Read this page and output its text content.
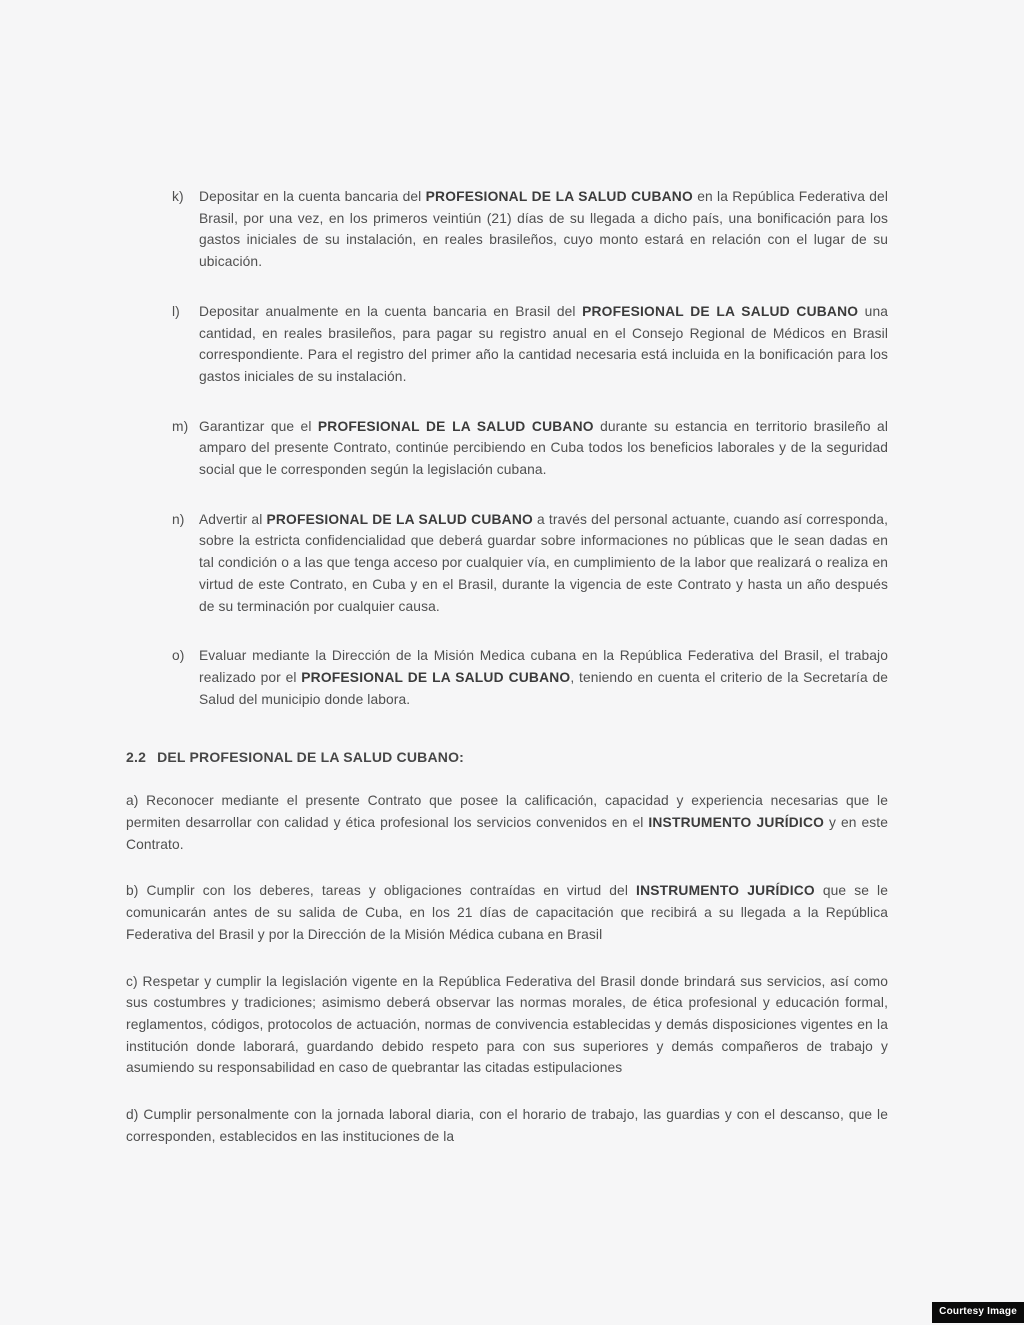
k)	Depositar en la cuenta bancaria del PROFESIONAL DE LA SALUD CUBANO en la República Federativa del Brasil, por una vez, en los primeros veintiún (21) días de su llegada a dicho país, una bonificación para los gastos iniciales de su instalación, en reales brasileños, cuyo monto estará en relación con el lugar de su ubicación.
l)	Depositar anualmente en la cuenta bancaria en Brasil del PROFESIONAL DE LA SALUD CUBANO una cantidad, en reales brasileños, para pagar su registro anual en el Consejo Regional de Médicos en Brasil correspondiente. Para el registro del primer año la cantidad necesaria está incluida en la bonificación para los gastos iniciales de su instalación.
m) Garantizar que el PROFESIONAL DE LA SALUD CUBANO durante su estancia en territorio brasileño al amparo del presente Contrato, continúe percibiendo en Cuba todos los beneficios laborales y de la seguridad social que le corresponden según la legislación cubana.
n)	Advertir al PROFESIONAL DE LA SALUD CUBANO a través del personal actuante, cuando así corresponda, sobre la estricta confidencialidad que deberá guardar sobre informaciones no públicas que le sean dadas en tal condición o a las que tenga acceso por cualquier vía, en cumplimiento de la labor que realizará o realiza en virtud de este Contrato, en Cuba y en el Brasil, durante la vigencia de este Contrato y hasta un año después de su terminación por cualquier causa.
o)	Evaluar mediante la Dirección de la Misión Medica cubana en la República Federativa del Brasil, el trabajo realizado por el PROFESIONAL DE LA SALUD CUBANO, teniendo en cuenta el criterio de la Secretaría de Salud del municipio donde labora.
2.2 DEL PROFESIONAL DE LA SALUD CUBANO:

a) Reconocer mediante el presente Contrato que posee la calificación, capacidad y experiencia necesarias que le permiten desarrollar con calidad y ética profesional los servicios convenidos en el INSTRUMENTO JURÍDICO y en este Contrato.

b) Cumplir con los deberes, tareas y obligaciones contraídas en virtud del INSTRUMENTO JURÍDICO que se le comunicarán antes de su salida de Cuba, en los 21 días de capacitación que recibirá a su llegada a la República Federativa del Brasil y por la Dirección de la Misión Médica cubana en Brasil

c) Respetar y cumplir la legislación vigente en la República Federativa del Brasil donde brindará sus servicios, así como sus costumbres y tradiciones; asimismo deberá observar las normas morales, de ética profesional y educación formal, reglamentos, códigos, protocolos de actuación, normas de convivencia establecidas y demás disposiciones vigentes en la institución donde laborará, guardando debido respeto para con sus superiores y demás compañeros de trabajo y asumiendo su responsabilidad en caso de quebrantar las citadas estipulaciones

d) Cumplir personalmente con la jornada laboral diaria, con el horario de trabajo, las guardias y con el descanso, que le corresponden, establecidos en las instituciones de la

Courtesy Image
